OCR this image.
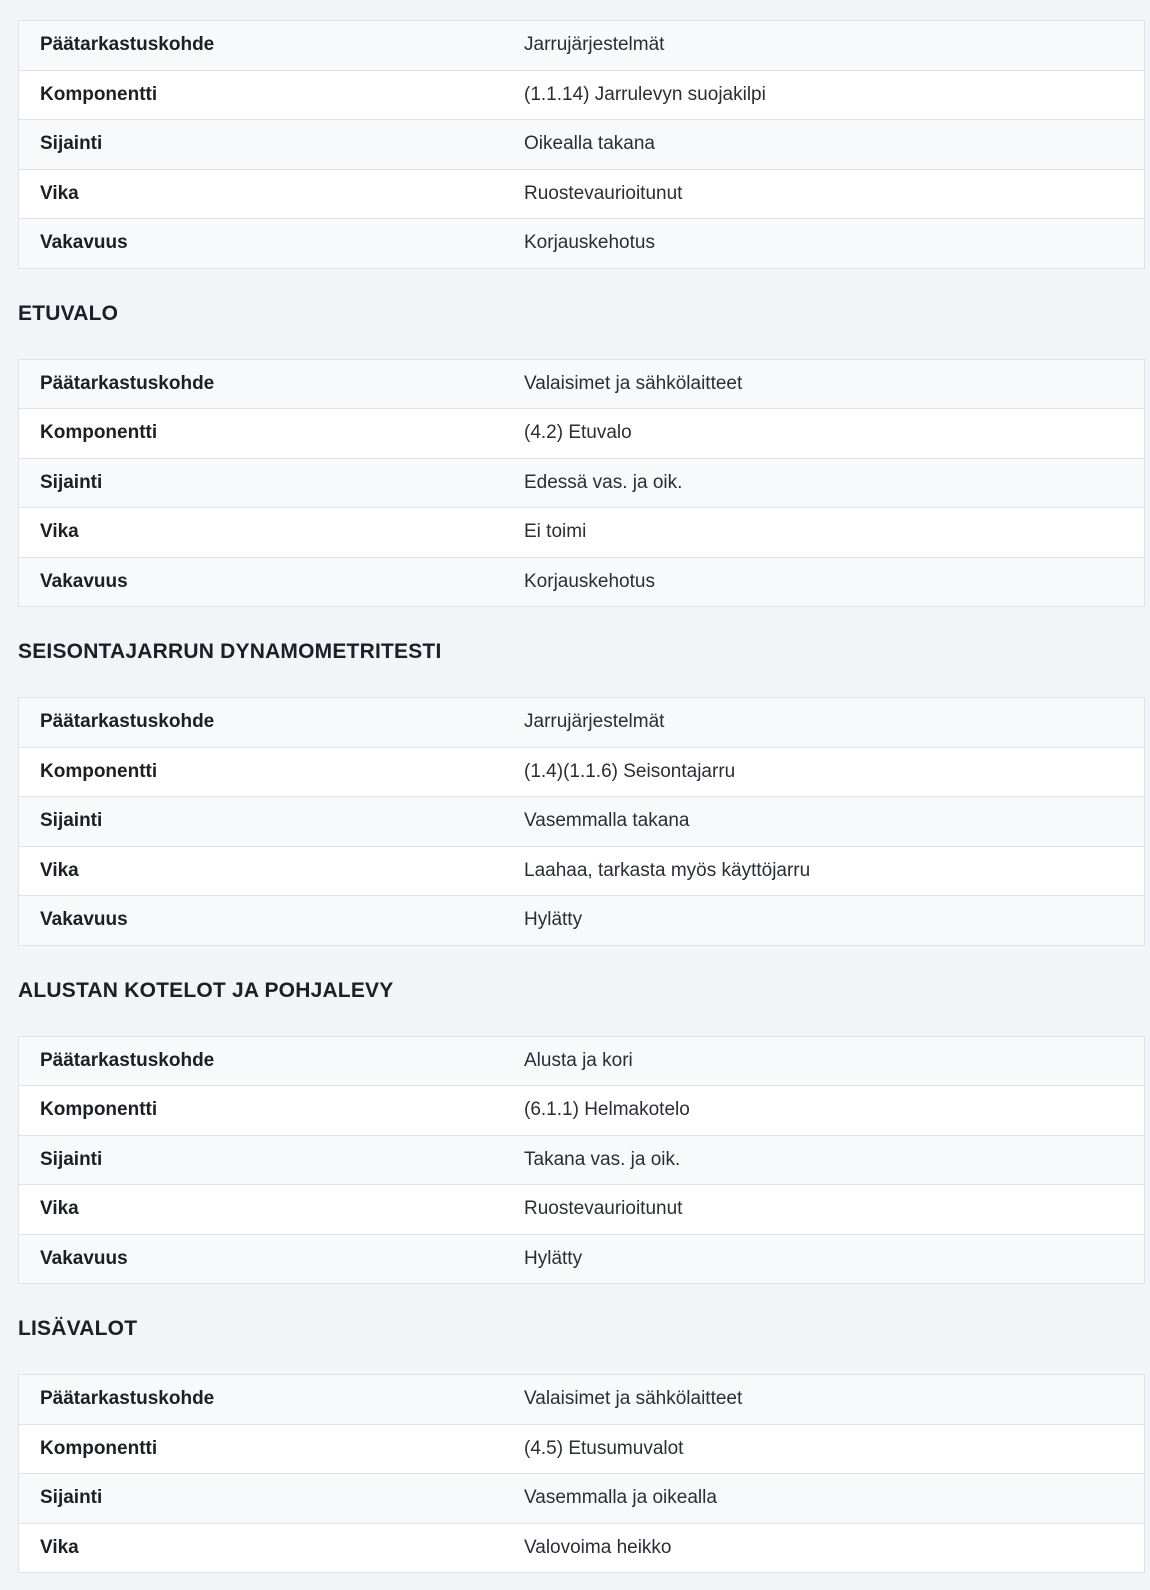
Päätarkastuskohde	Jarrujärjestelmät
Komponentti	(1.1.14) Jarrulevyn suojakilpi
Sijainti	Oikealla takana
Vika	Ruostevaurioitunut
Vakavuus	Korjauskehotus
ETUVALO
Päätarkastuskohde	Valaisimet ja sähkölaitteet
Komponentti	(4.2) Etuvalo
Sijainti	Edessä vas. ja oik.
Vika	Ei toimi
Vakavuus	Korjauskehotus
SEISONTAJARRUN DYNAMOMETRITESTI
Päätarkastuskohde	Jarrujärjestelmät
Komponentti	(1.4)(1.1.6) Seisontajarru
Sijainti	Vasemmalla takana
Vika	Laahaa, tarkasta myös käyttöjarru
Vakavuus	Hylätty
ALUSTAN KOTELOT JA POHJALEVY
Päätarkastuskohde	Alusta ja kori
Komponentti	(6.1.1) Helmakotelo
Sijainti	Takana vas. ja oik.
Vika	Ruostevaurioitunut
Vakavuus	Hylätty
LISÄVALOT
Päätarkastuskohde	Valaisimet ja sähkölaitteet
Komponentti	(4.5) Etusumuvalot
Sijainti	Vasemmalla ja oikealla
Vika	Valovoima heikko
